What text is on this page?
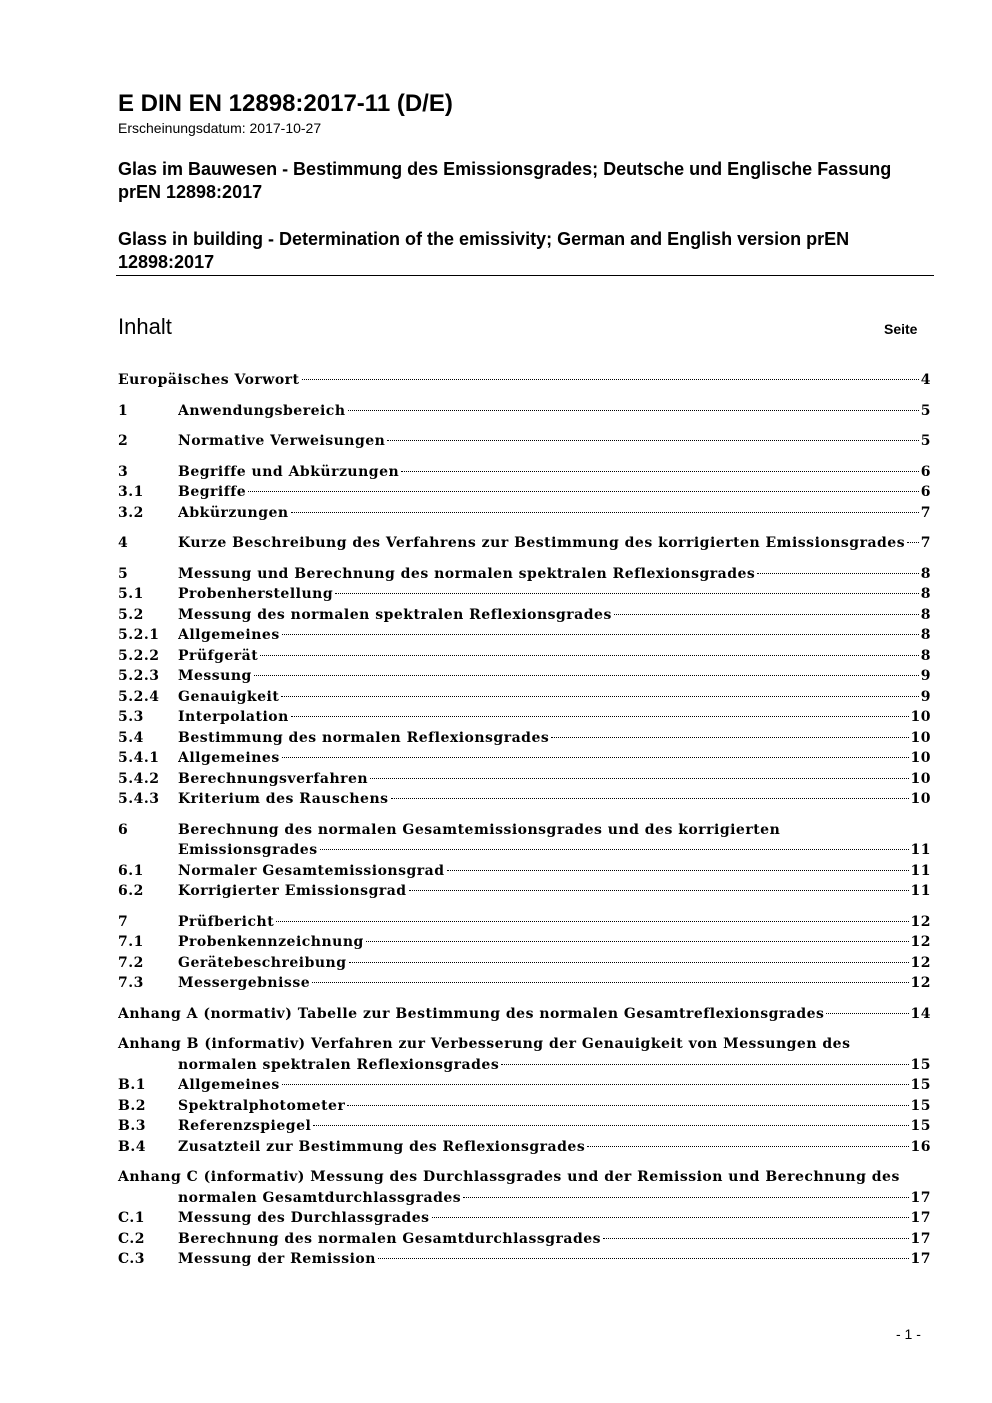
E DIN EN 12898:2017-11 (D/E)
Erscheinungsdatum: 2017-10-27

Glas im Bauwesen - Bestimmung des Emissionsgrades; Deutsche und Englische Fassung prEN 12898:2017

Glass in building - Determination of the emissivity; German and English version prEN 12898:2017

Inhalt	Seite
Europäisches Vorwort	4
1	Anwendungsbereich	5
2	Normative Verweisungen	5
3	Begriffe und Abkürzungen	6
3.1	Begriffe	6
3.2	Abkürzungen	7
4	Kurze Beschreibung des Verfahrens zur Bestimmung des korrigierten Emissionsgrades 7
5	Messung und Berechnung des normalen spektralen Reflexionsgrades	8
5.1	Probenherstellung	8
5.2	Messung des normalen spektralen Reflexionsgrades	8
5.2.1	Allgemeines	8
5.2.2	Prüfgerät	8
5.2.3	Messung	9
5.2.4	Genauigkeit	9
5.3	Interpolation	10
5.4	Bestimmung des normalen Reflexionsgrades	10
5.4.1	Allgemeines	10
5.4.2	Berechnungsverfahren	10
5.4.3	Kriterium des Rauschens	10
6	Berechnung des normalen Gesamtemissionsgrades und des korrigierten
Emissionsgrades	11
6.1	Normaler Gesamtemissionsgrad	11
6.2	Korrigierter Emissionsgrad	11
7	Prüfbericht	12
7.1	Probenkennzeichnung	12
7.2	Gerätebeschreibung	12
7.3	Messergebnisse	12
Anhang A (normativ) Tabelle zur Bestimmung des normalen Gesamtreflexionsgrades	14
Anhang B (informativ) Verfahren zur Verbesserung der Genauigkeit von Messungen des
normalen spektralen Reflexionsgrades	15
B.1	Allgemeines	15
B.2	Spektralphotometer	15
B.3	Referenzspiegel	15
B.4	Zusatzteil zur Bestimmung des Reflexionsgrades	16
Anhang C (informativ) Messung des Durchlassgrades und der Remission und Berechnung des
normalen Gesamtdurchlassgrades	17
C.1	Messung des Durchlassgrades	17
C.2	Berechnung des normalen Gesamtdurchlassgrades	17
C.3	Messung der Remission	17
- 1 -
